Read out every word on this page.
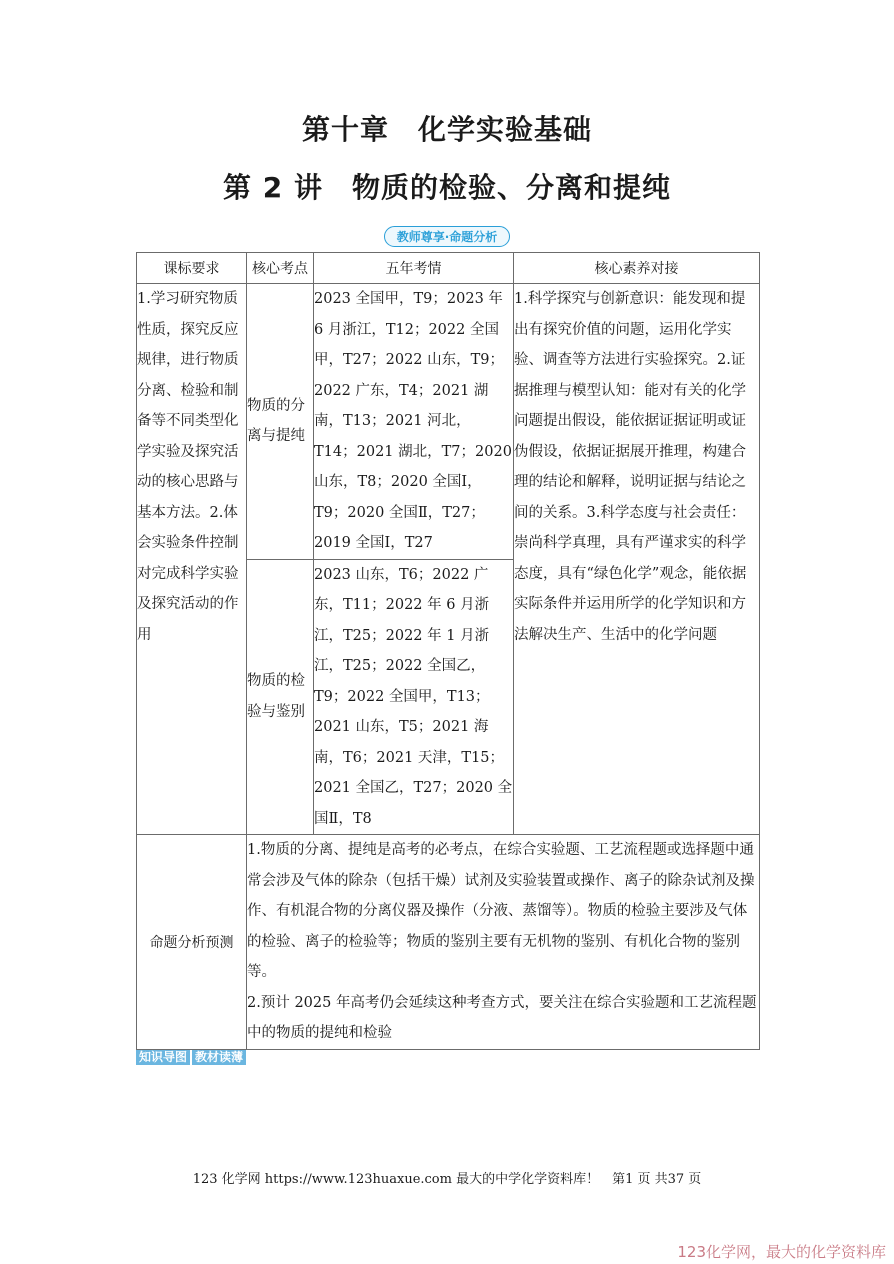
第十章　化学实验基础
第 2 讲　物质的检验、分离和提纯
教师尊享·命题分析
课标要求	核心考点	五年考情	核心素养对接

1.学习研究物质性质，探究反应规律，进行物质分离、检验和制备等不同类型化学实验及探究活动的核心思路与基本方法。2.体会实验条件控制对完成科学实验及探究活动的作用	物质的分离与提纯	2023 全国甲，T9；2023 年 6 月浙江，T12；2022 全国甲，T27；2022 山东，T9；2022 广东，T4；2021 湖南，T13；2021 河北，T14；2021 湖北，T7；2020 山东，T8；2020 全国Ⅰ，T9；2020 全国Ⅱ，T27；2019 全国Ⅰ，T27	1.科学探究与创新意识：能发现和提出有探究价值的问题，运用化学实验、调查等方法进行实验探究。2.证据推理与模型认知：能对有关的化学问题提出假设，能依据证据证明或证伪假设，依据证据展开推理，构建合理的结论和解释，说明证据与结论之间的关系。3.科学态度与社会责任：崇尚科学真理，具有严谨求实的科学态度，具有“绿色化学”观念，能依据实际条件并运用所学的化学知识和方法解决生产、生活中的化学问题

	物质的检验与鉴别	2023 山东，T6；2022 广东，T11；2022 年 6 月浙江，T25；2022 年 1 月浙江，T25；2022 全国乙，T9；2022 全国甲，T13；2021 山东，T5；2021 海南，T6；2021 天津，T15；2021 全国乙，T27；2020 全国Ⅱ，T8	

命题分析预测	1.物质的分离、提纯是高考的必考点，在综合实验题、工艺流程题或选择题中通常会涉及气体的除杂（包括干燥）试剂及实验装置或操作、离子的除杂试剂及操作、有机混合物的分离仪器及操作（分液、蒸馏等）。物质的检验主要涉及气体的检验、离子的检验等；物质的鉴别主要有无机物的鉴别、有机化合物的鉴别等。

2.预计 2025 年高考仍会延续这种考查方式，要关注在综合实验题和工艺流程题中的物质的提纯和检验		

知识导图 教材读薄
123 化学网 https://www.123huaxue.com 最大的中学化学资料库！　第1 页 共37 页
123化学网，最大的化学资料库
